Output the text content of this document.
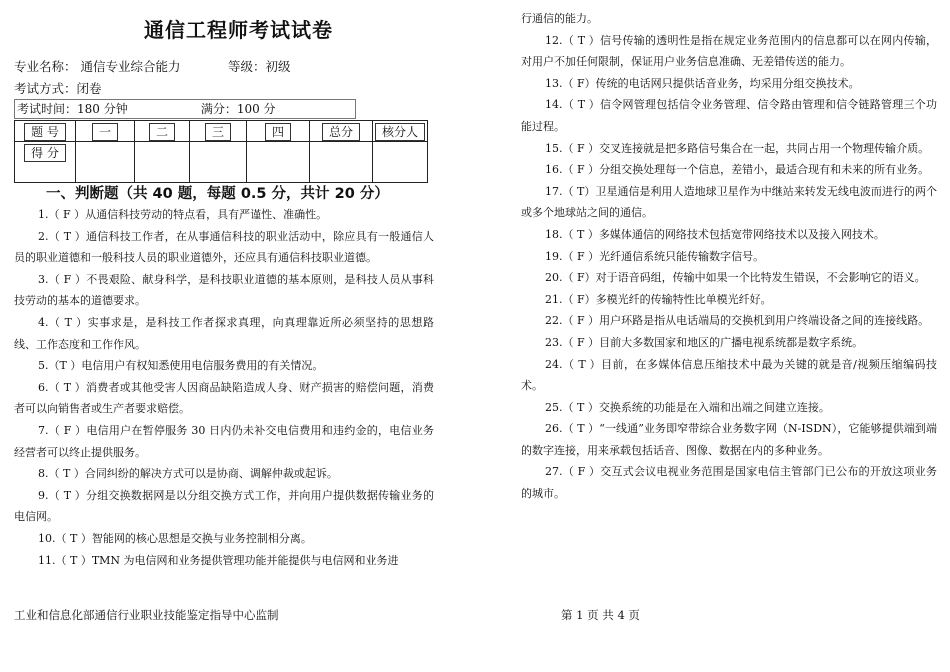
通信工程师考试试卷
专业名称： 通信专业综合能力	等级：初级 考试方式：闭卷
考试时间：180 分钟	满分：100 分
题 号	一	二	三	四	总分	核分人
得 分						
一、判断题（共 40 题，每题 0.5 分，共计 20 分）

1.（ F ）从通信科技劳动的特点看，具有严谨性、准确性。

2.（ T ）通信科技工作者，在从事通信科技的职业活动中，除应具有一般通信人员的职业道德和一般科技人员的职业道德外，还应具有通信科技职业道德。

3.（ F ）不畏艰险、献身科学，是科技职业道德的基本原则，是科技人员从事科技劳动的基本的道德要求。

4.（ T ）实事求是，是科技工作者探求真理，向真理靠近所必须坚持的思想路线、工作态度和工作作风。

5.（T ）电信用户有权知悉使用电信服务费用的有关情况。

6.（ T ）消费者或其他受害人因商品缺陷造成人身、财产损害的赔偿问题，消费者可以向销售者或生产者要求赔偿。

7.（ F ）电信用户在暂停服务 30 日内仍未补交电信费用和违约金的，电信业务经营者可以终止提供服务。

8.（ T ）合同纠纷的解决方式可以是协商、调解仲裁或起诉。

9.（ T ）分组交换数据网是以分组交换方式工作，并向用户提供数据传输业务的电信网。

10.（ T ）智能网的核心思想是交换与业务控制相分离。

11.（ T ）TMN 为电信网和业务提供管理功能并能提供与电信网和业务进

工业和信息化部通信行业职业技能鉴定指导中心监制

行通信的能力。

12.（ T ）信号传输的透明性是指在规定业务范围内的信息都可以在网内传输，对用户不加任何限制，保证用户业务信息准确、无差错传送的能力。

13.（ F）传统的电话网只提供话音业务，均采用分组交换技术。

14.（ T ）信令网管理包括信令业务管理、信令路由管理和信令链路管理三个功能过程。

15.（ F ）交叉连接就是把多路信号集合在一起，共同占用一个物理传输介质。

16.（ F ）分组交换处理每一个信息，差错小，最适合现有和未来的所有业务。

17.（ T）卫星通信是利用人造地球卫星作为中继站来转发无线电波而进行的两个或多个地球站之间的通信。

18.（ T ）多媒体通信的网络技术包括宽带网络技术以及接入网技术。

19.（ F ）光纤通信系统只能传输数字信号。

20.（ F）对于语音码组，传输中如果一个比特发生错误，不会影响它的语义。

21.（ F）多模光纤的传输特性比单模光纤好。

22.（ F ）用户环路是指从电话端局的交换机到用户终端设备之间的连接线路。

23.（ F ）目前大多数国家和地区的广播电视系统都是数字系统。

24.（ T ）目前，在多媒体信息压缩技术中最为关键的就是音/视频压缩编码技术。

25.（ T ）交换系统的功能是在入端和出端之间建立连接。

26.（ T ）“一线通”业务即窄带综合业务数字网（N-ISDN），它能够提供端到端的数字连接，用来承载包括话音、图像、数据在内的多种业务。

27.（ F ）交互式会议电视业务范围是国家电信主管部门已公布的开放这项业务的城市。

第 1 页 共 4 页
